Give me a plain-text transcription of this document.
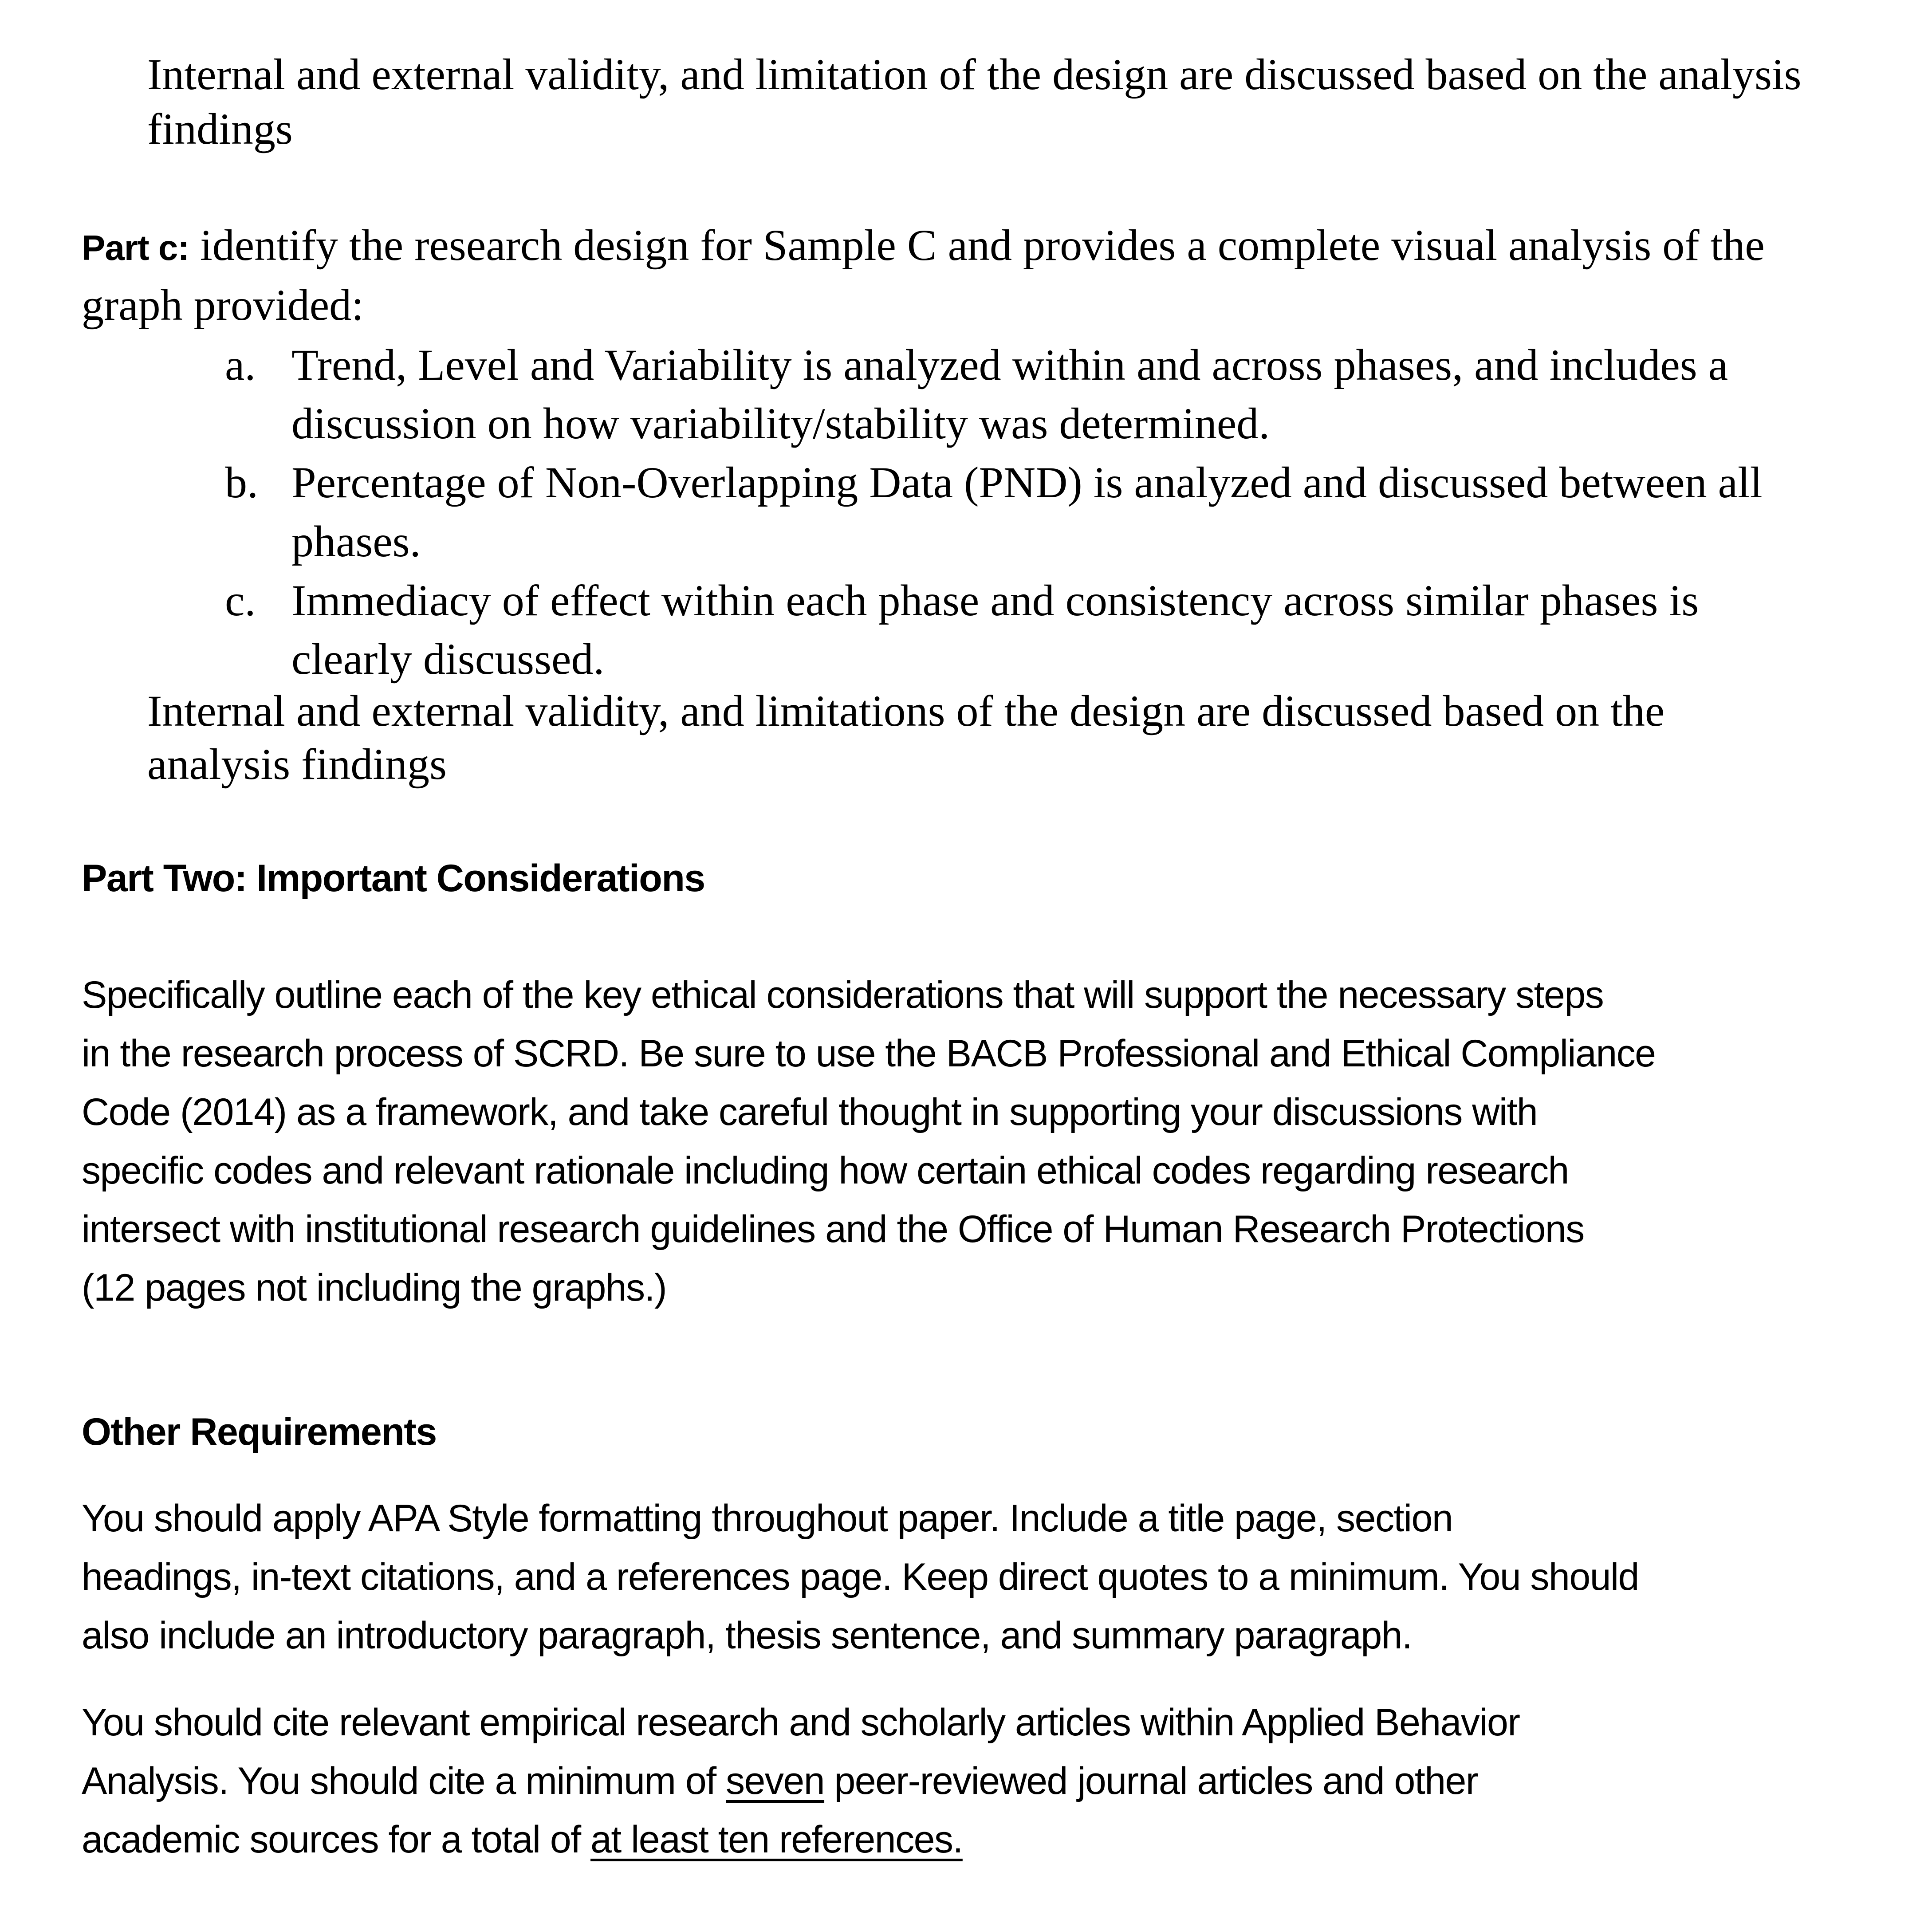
Internal and external validity, and limitation of the design are discussed based on the analysis
findings
Part c: identify the research design for Sample C and provides a complete visual analysis of the
graph provided:
a. Trend, Level and Variability is analyzed within and across phases, and includes a
discussion on how variability/stability was determined.
b. Percentage of Non-Overlapping Data (PND) is analyzed and discussed between all
phases.
c. Immediacy of effect within each phase and consistency across similar phases is
clearly discussed.
Internal and external validity, and limitations of the design are discussed based on the
analysis findings
Part Two: Important Considerations
Specifically outline each of the key ethical considerations that will support the necessary steps
in the research process of SCRD. Be sure to use the BACB Professional and Ethical Compliance
Code (2014) as a framework, and take careful thought in supporting your discussions with
specific codes and relevant rationale including how certain ethical codes regarding research
intersect with institutional research guidelines and the Office of Human Research Protections
(12 pages not including the graphs.)
Other Requirements
You should apply APA Style formatting throughout paper. Include a title page, section
headings, in-text citations, and a references page. Keep direct quotes to a minimum. You should
also include an introductory paragraph, thesis sentence, and summary paragraph.
You should cite relevant empirical research and scholarly articles within Applied Behavior
Analysis. You should cite a minimum of seven peer-reviewed journal articles and other
academic sources for a total of at least ten references.
